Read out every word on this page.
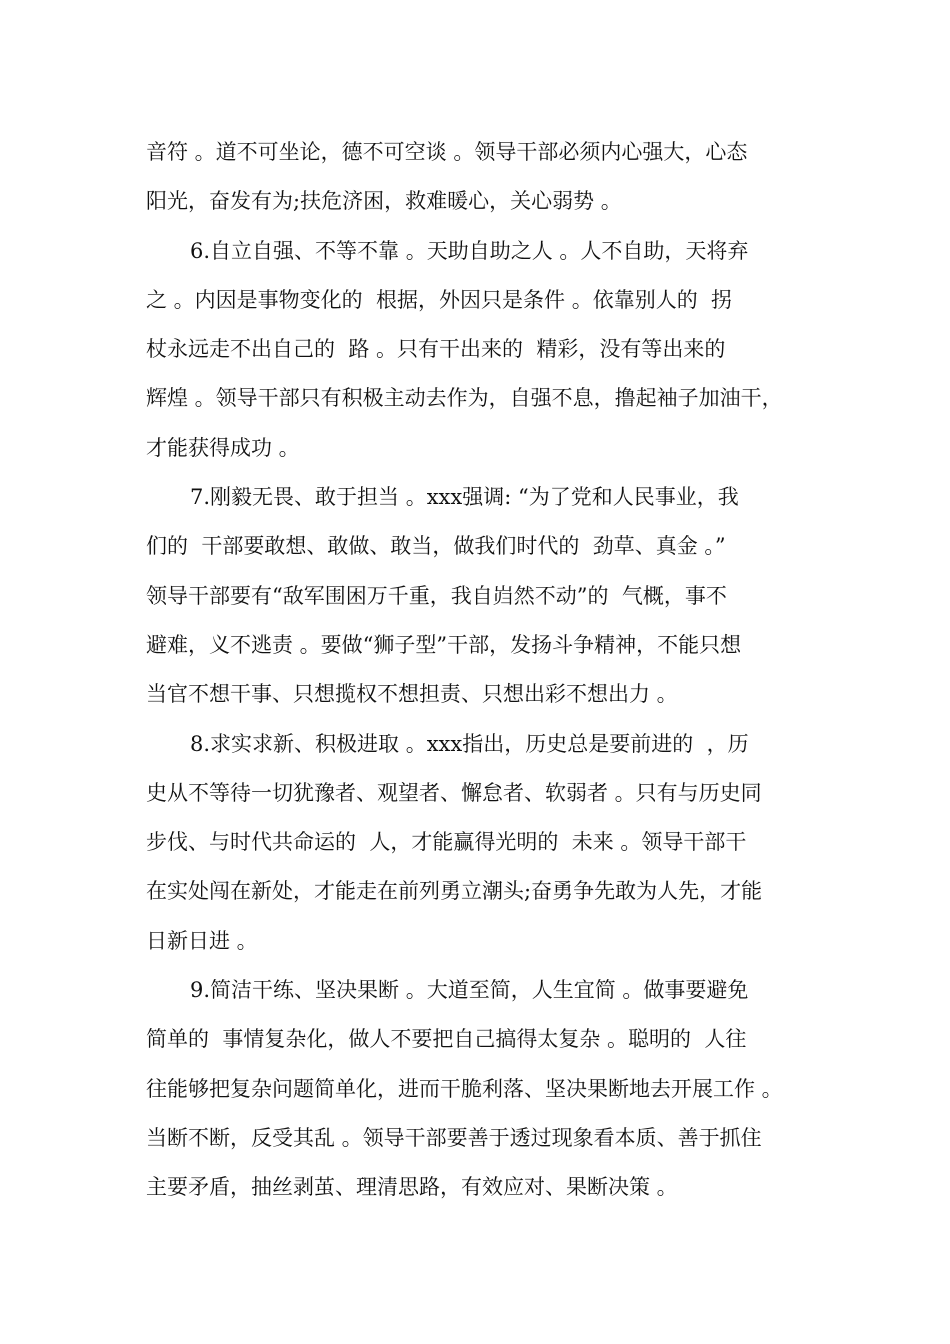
音符 。道不可坐论，德不可空谈 。领导干部必须内心强大，心态
阳光，奋发有为;扶危济困，救难暖心，关心弱势 。
6.自立自强、不等不靠 。天助自助之人 。人不自助，天将弃
之 。内因是事物变化的  根据，外因只是条件 。依靠别人的  拐
杖永远走不出自己的  路 。只有干出来的  精彩，没有等出来的
辉煌 。领导干部只有积极主动去作为，自强不息，撸起袖子加油干，
才能获得成功 。
7.刚毅无畏、敢于担当 。xxx强调: “为了党和人民事业，我
们的  干部要敢想、敢做、敢当，做我们时代的  劲草、真金 。”
领导干部要有“敌军围困万千重，我自岿然不动”的  气概，事不
避难，义不逃责 。要做“狮子型”干部，发扬斗争精神，不能只想
当官不想干事、只想揽权不想担责、只想出彩不想出力 。
8.求实求新、积极进取 。xxx指出，历史总是要前进的  ，历
史从不等待一切犹豫者、观望者、懈怠者、软弱者 。只有与历史同
步伐、与时代共命运的  人，才能赢得光明的  未来 。领导干部干
在实处闯在新处，才能走在前列勇立潮头;奋勇争先敢为人先，才能
日新日进 。
9.简洁干练、坚决果断 。大道至简，人生宜简 。做事要避免
简单的  事情复杂化，做人不要把自己搞得太复杂 。聪明的  人往
往能够把复杂问题简单化，进而干脆利落、坚决果断地去开展工作 。
当断不断，反受其乱 。领导干部要善于透过现象看本质、善于抓住
主要矛盾，抽丝剥茧、理清思路，有效应对、果断决策 。
